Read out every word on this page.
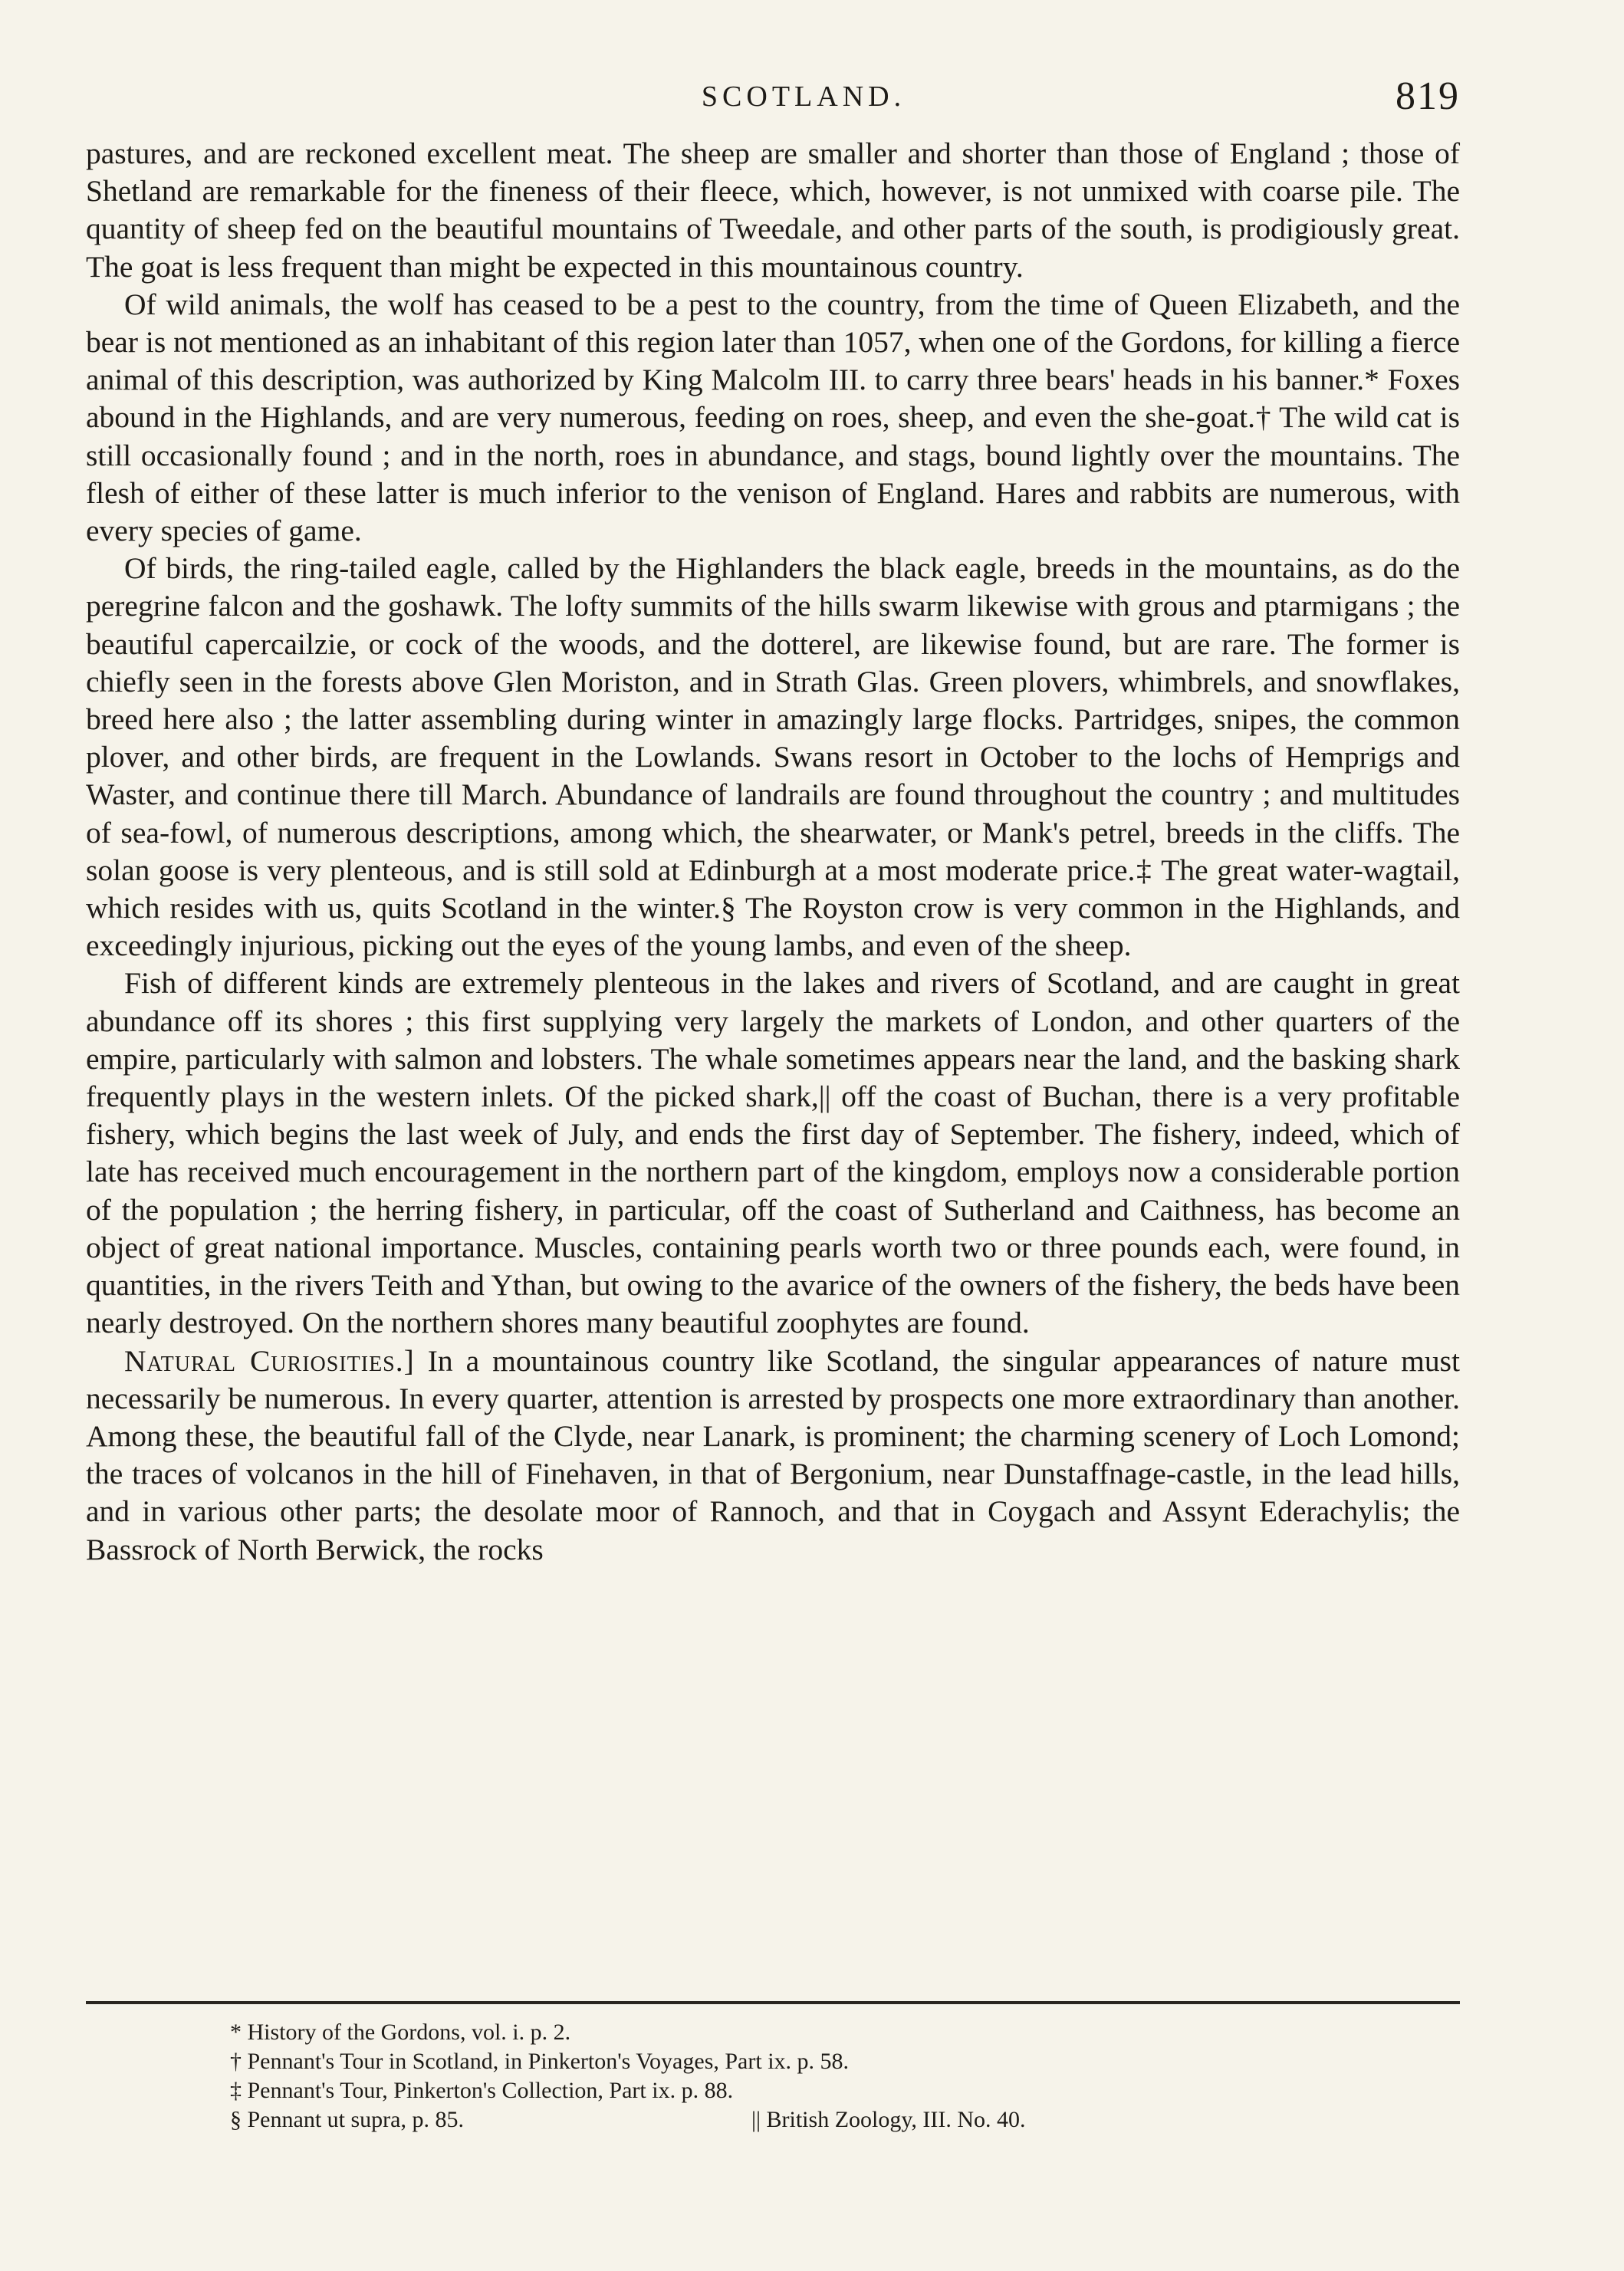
SCOTLAND.	819

pastures, and are reckoned excellent meat. The sheep are smaller and shorter than those of England ; those of Shetland are remarkable for the fineness of their fleece, which, however, is not unmixed with coarse pile. The quantity of sheep fed on the beautiful mountains of Tweedale, and other parts of the south, is prodigiously great. The goat is less frequent than might be expected in this mountainous country.

Of wild animals, the wolf has ceased to be a pest to the country, from the time of Queen Elizabeth, and the bear is not mentioned as an inhabitant of this region later than 1057, when one of the Gordons, for killing a fierce animal of this description, was authorized by King Malcolm III. to carry three bears' heads in his banner.* Foxes abound in the Highlands, and are very numerous, feeding on roes, sheep, and even the she-goat.† The wild cat is still occasionally found ; and in the north, roes in abundance, and stags, bound lightly over the mountains. The flesh of either of these latter is much inferior to the venison of England. Hares and rabbits are numerous, with every species of game.

Of birds, the ring-tailed eagle, called by the Highlanders the black eagle, breeds in the mountains, as do the peregrine falcon and the goshawk. The lofty summits of the hills swarm likewise with grous and ptarmigans ; the beautiful capercailzie, or cock of the woods, and the dotterel, are likewise found, but are rare. The former is chiefly seen in the forests above Glen Moriston, and in Strath Glas. Green plovers, whimbrels, and snowflakes, breed here also ; the latter assembling during winter in amazingly large flocks. Partridges, snipes, the common plover, and other birds, are frequent in the Lowlands. Swans resort in October to the lochs of Hemprigs and Waster, and continue there till March. Abundance of landrails are found throughout the country ; and multitudes of sea-fowl, of numerous descriptions, among which, the shearwater, or Mank's petrel, breeds in the cliffs. The solan goose is very plenteous, and is still sold at Edinburgh at a most moderate price.‡ The great water-wagtail, which resides with us, quits Scotland in the winter.§ The Royston crow is very common in the Highlands, and exceedingly injurious, picking out the eyes of the young lambs, and even of the sheep.

Fish of different kinds are extremely plenteous in the lakes and rivers of Scotland, and are caught in great abundance off its shores ; this first supplying very largely the markets of London, and other quarters of the empire, particularly with salmon and lobsters. The whale sometimes appears near the land, and the basking shark frequently plays in the western inlets. Of the picked shark,|| off the coast of Buchan, there is a very profitable fishery, which begins the last week of July, and ends the first day of September. The fishery, indeed, which of late has received much encouragement in the northern part of the kingdom, employs now a considerable portion of the population ; the herring fishery, in particular, off the coast of Sutherland and Caithness, has become an object of great national importance. Muscles, containing pearls worth two or three pounds each, were found, in quantities, in the rivers Teith and Ythan, but owing to the avarice of the owners of the fishery, the beds have been nearly destroyed. On the northern shores many beautiful zoophytes are found.

Natural Curiosities.] In a mountainous country like Scotland, the singular appearances of nature must necessarily be numerous. In every quarter, attention is arrested by prospects one more extraordinary than another. Among these, the beautiful fall of the Clyde, near Lanark, is prominent; the charming scenery of Loch Lomond; the traces of volcanos in the hill of Finehaven, in that of Bergonium, near Dunstaffnage-castle, in the lead hills, and in various other parts; the desolate moor of Rannoch, and that in Coygach and Assynt Ederachylis; the Bassrock of North Berwick, the rocks

* History of the Gordons, vol. i. p. 2.
† Pennant's Tour in Scotland, in Pinkerton's Voyages, Part ix. p. 58.
‡ Pennant's Tour, Pinkerton's Collection, Part ix. p. 88.
§ Pennant ut supra, p. 85.	|| British Zoology, III. No. 40.
